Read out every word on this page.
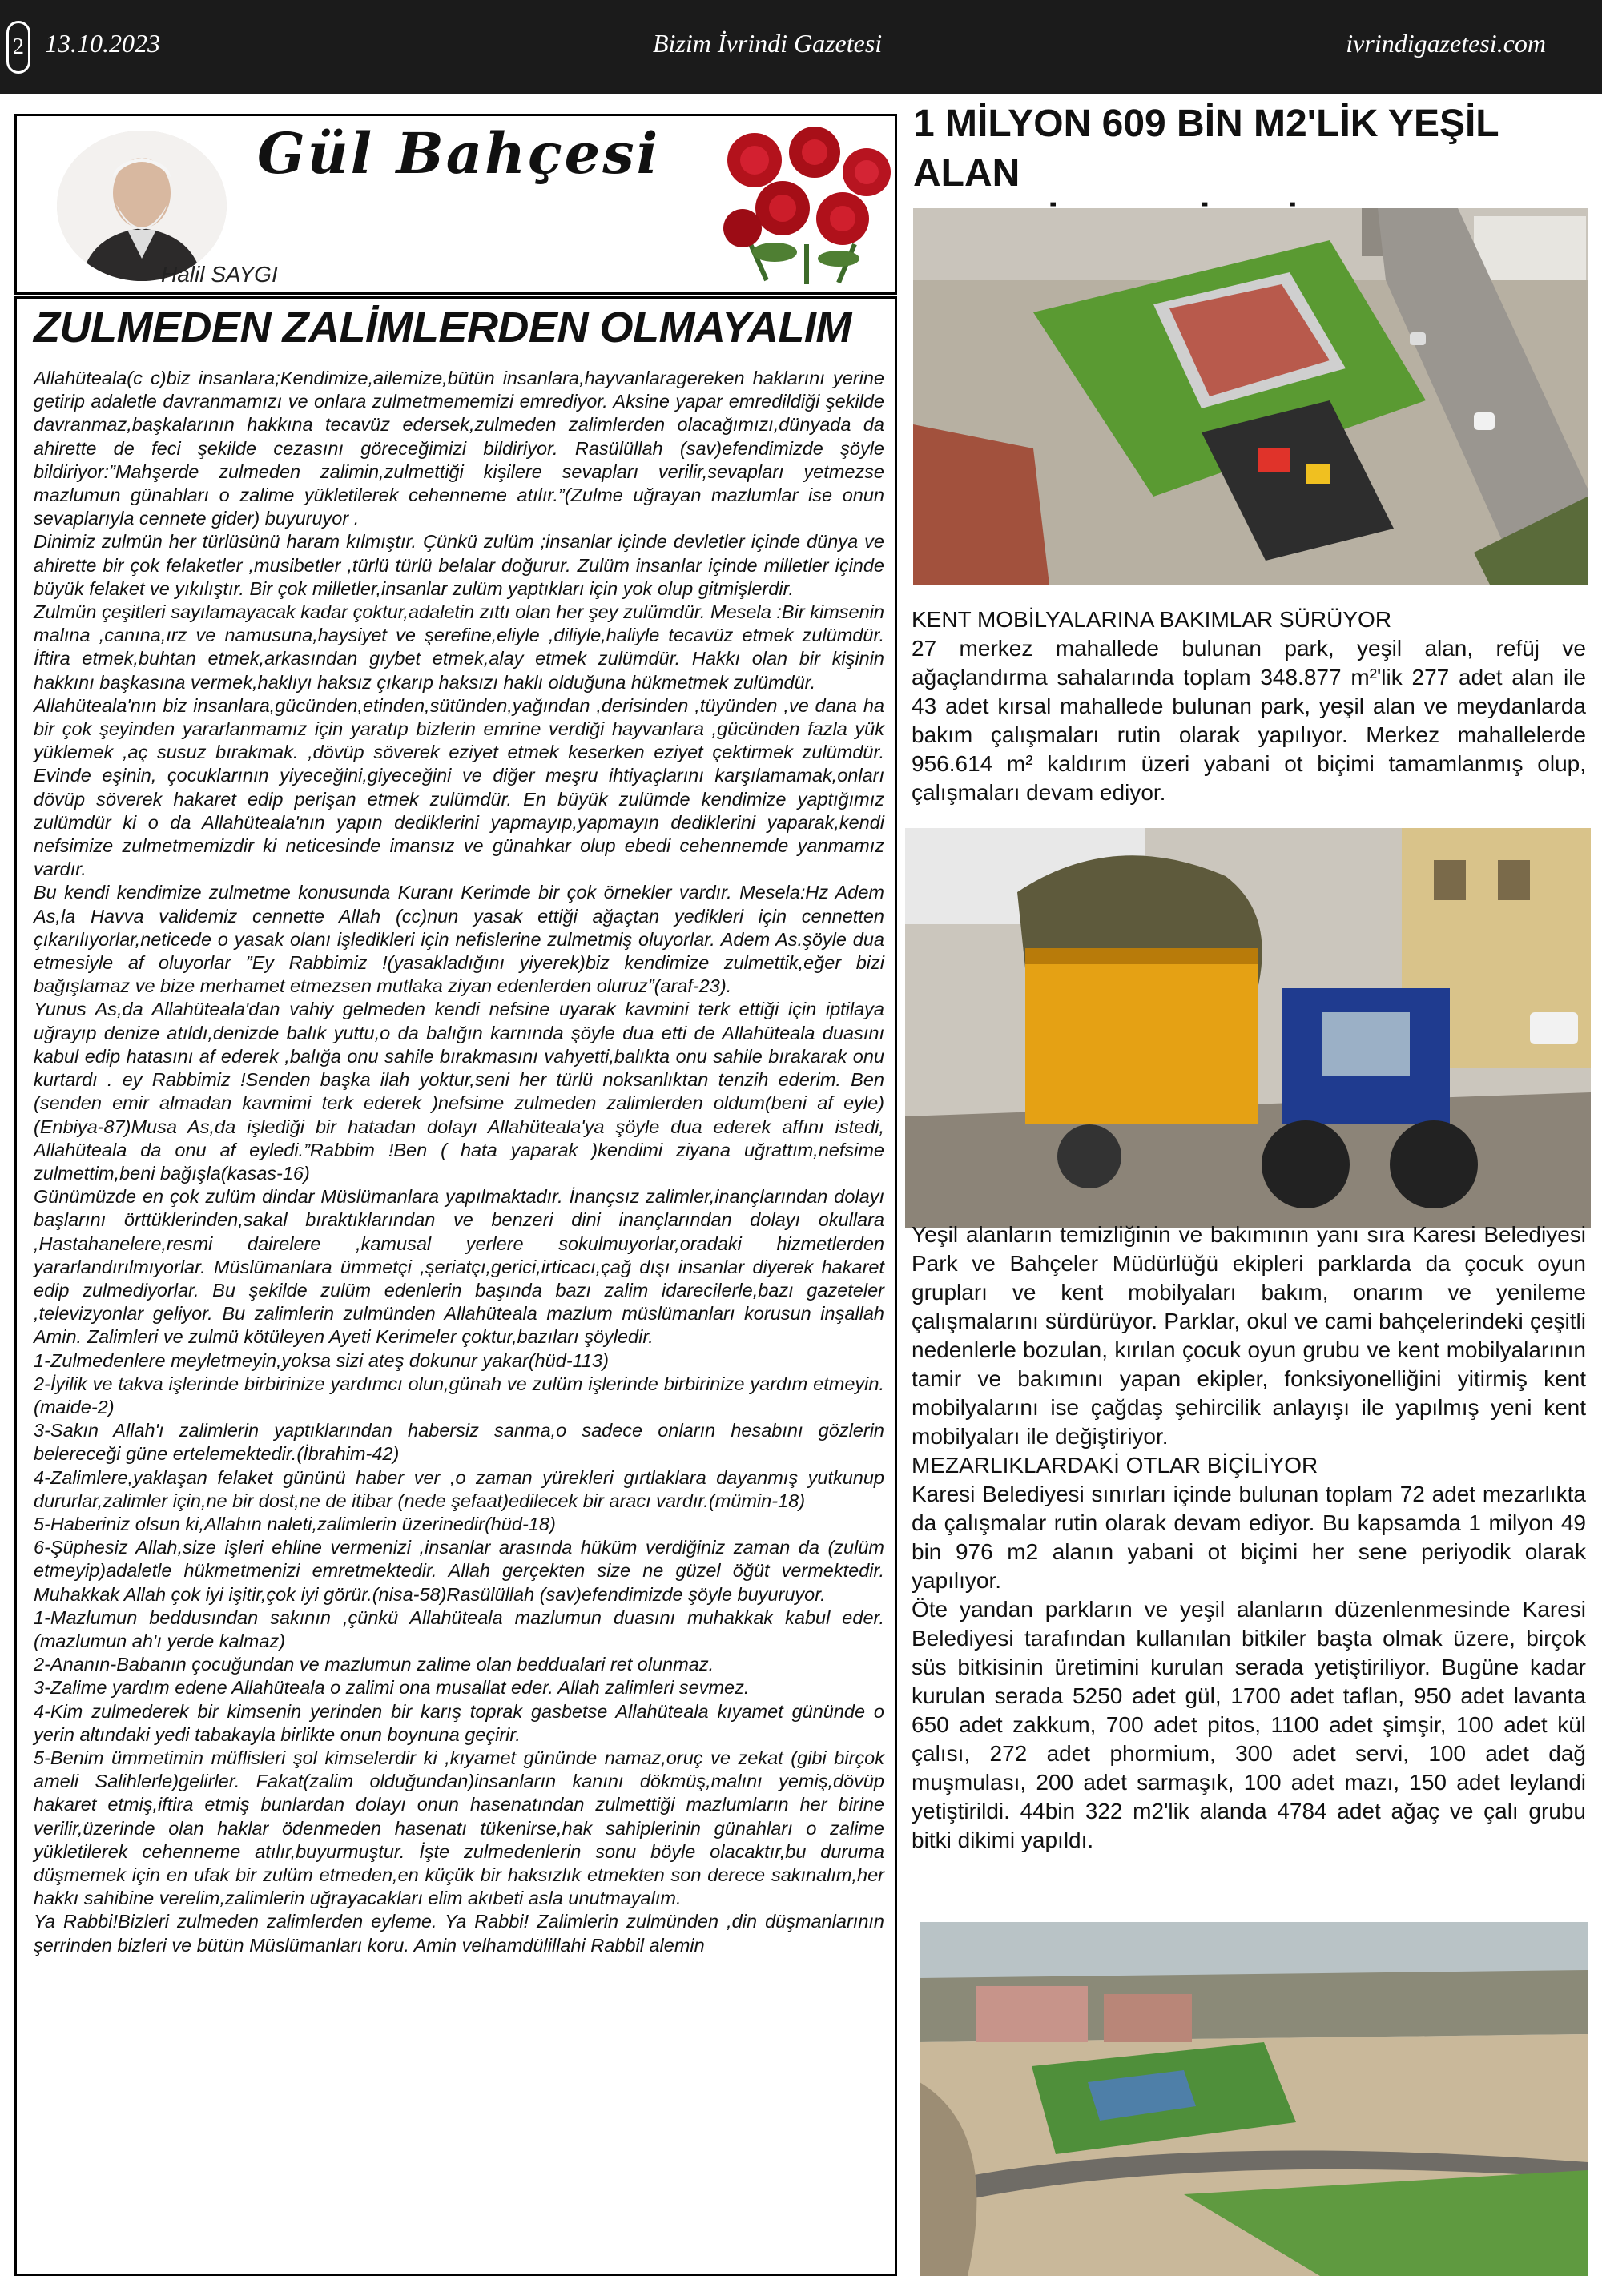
2 13.10.2023	Bizim İvrindi Gazetesi	ivrindigazetesi.com
Gül Bahçesi
Halil SAYGI
ZULMEDEN ZALİMLERDEN OLMAYALIM

Allahüteala(c c)biz insanlara;Kendimize,ailemize,bütün insanlara,hayvanlaragereken haklarını yerine getirip adaletle davranmamızı ve onlara zulmetmememizi emrediyor. Aksine yapar emredildiği şekilde davranmaz,başkalarının hakkına tecavüz edersek,zulmeden zalimlerden olacağımızı,dünyada da ahirette de feci şekilde cezasını göreceğimizi bildiriyor. Rasülüllah (sav)efendimizde şöyle bildiriyor:”Mahşerde zulmeden zalimin,zulmettiği kişilere sevapları verilir,sevapları yetmezse mazlumun günahları o zalime yükletilerek cehenneme atılır.”(Zulme uğrayan mazlumlar ise onun sevaplarıyla cennete gider) buyuruyor .

Dinimiz zulmün her türlüsünü haram kılmıştır. Çünkü zulüm ;insanlar içinde devletler içinde dünya ve ahirette bir çok felaketler ,musibetler ,türlü türlü belalar doğurur. Zulüm insanlar içinde milletler içinde büyük felaket ve yıkılıştır. Bir çok milletler,insanlar zulüm yaptıkları için yok olup gitmişlerdir.

Zulmün çeşitleri sayılamayacak kadar çoktur,adaletin zıttı olan her şey zulümdür. Mesela :Bir kimsenin malına ,canına,ırz ve namusuna,haysiyet ve şerefine,eliyle ,diliyle,haliyle tecavüz etmek zulümdür. İftira etmek,buhtan etmek,arkasından gıybet etmek,alay etmek zulümdür. Hakkı olan bir kişinin hakkını başkasına vermek,haklıyı haksız çıkarıp haksızı haklı olduğuna hükmetmek zulümdür.

Allahüteala'nın biz insanlara,gücünden,etinden,sütünden,yağından ,derisinden ,tüyünden ,ve dana ha bir çok şeyinden yararlanmamız için yaratıp bizlerin emrine verdiği hayvanlara ,gücünden fazla yük yüklemek ,aç susuz bırakmak. ,dövüp söverek eziyet etmek keserken eziyet çektirmek zulümdür. Evinde eşinin, çocuklarının yiyeceğini,giyeceğini ve diğer meşru ihtiyaçlarını karşılamamak,onları dövüp söverek hakaret edip perişan etmek zulümdür. En büyük zulümde kendimize yaptığımız zulümdür ki o da Allahüteala'nın yapın dediklerini yapmayıp,yapmayın dediklerini yaparak,kendi nefsimize zulmetmemizdir ki neticesinde imansız ve günahkar olup ebedi cehennemde yanmamız vardır.

Bu kendi kendimize zulmetme konusunda Kuranı Kerimde bir çok örnekler vardır. Mesela:Hz Adem As,la Havva validemiz cennette Allah (cc)nun yasak ettiği ağaçtan yedikleri için cennetten çıkarılıyorlar,neticede o yasak olanı işledikleri için nefislerine zulmetmiş oluyorlar. Adem As.şöyle dua etmesiyle af oluyorlar ”Ey Rabbimiz !(yasakladığını yiyerek)biz kendimize zulmettik,eğer bizi bağışlamaz ve bize merhamet etmezsen mutlaka ziyan edenlerden oluruz”(araf-23).

Yunus As,da Allahüteala'dan vahiy gelmeden kendi nefsine uyarak kavmini terk ettiği için iptilaya uğrayıp denize atıldı,denizde balık yuttu,o da balığın karnında şöyle dua etti de Allahüteala duasını kabul edip hatasını af ederek ,balığa onu sahile bırakmasını vahyetti,balıkta onu sahile bırakarak onu kurtardı . ey Rabbimiz !Senden başka ilah yoktur,seni her türlü noksanlıktan tenzih ederim. Ben (senden emir almadan kavmimi terk ederek )nefsime zulmeden zalimlerden oldum(beni af eyle)(Enbiya-87)Musa As,da işlediği bir hatadan dolayı Allahüteala'ya şöyle dua ederek affını istedi, Allahüteala da onu af eyledi.”Rabbim !Ben ( hata yaparak )kendimi ziyana uğrattım,nefsime zulmettim,beni bağışla(kasas-16)

Günümüzde en çok zulüm dindar Müslümanlara yapılmaktadır. İnançsız zalimler,inançlarından dolayı başlarını örttüklerinden,sakal bıraktıklarından ve benzeri dini inançlarından dolayı okullara ,Hastahanelere,resmi dairelere ,kamusal yerlere sokulmuyorlar,oradaki hizmetlerden yararlandırılmıyorlar. Müslümanlara ümmetçi ,şeriatçı,gerici,irticacı,çağ dışı insanlar diyerek hakaret edip zulmediyorlar. Bu şekilde zulüm edenlerin başında bazı zalim idarecilerle,bazı gazeteler ,televizyonlar geliyor. Bu zalimlerin zulmünden Allahüteala mazlum müslümanları korusun inşallah Amin. Zalimleri ve zulmü kötüleyen Ayeti Kerimeler çoktur,bazıları şöyledir.

1-Zulmedenlere meyletmeyin,yoksa sizi ateş dokunur yakar(hüd-113)

2-İyilik ve takva işlerinde birbirinize yardımcı olun,günah ve zulüm işlerinde birbirinize yardım etmeyin.(maide-2)

3-Sakın Allah'ı zalimlerin yaptıklarından habersiz sanma,o sadece onların hesabını gözlerin belereceği güne ertelemektedir.(İbrahim-42)

4-Zalimlere,yaklaşan felaket gününü haber ver ,o zaman yürekleri gırtlaklara dayanmış yutkunup dururlar,zalimler için,ne bir dost,ne de itibar (nede şefaat)edilecek bir aracı vardır.(mümin-18)

5-Haberiniz olsun ki,Allahın naleti,zalimlerin üzerinedir(hüd-18)

6-Şüphesiz Allah,size işleri ehline vermenizi ,insanlar arasında hüküm verdiğiniz zaman da (zulüm etmeyip)adaletle hükmetmenizi emretmektedir. Allah gerçekten size ne güzel öğüt vermektedir. Muhakkak Allah çok iyi işitir,çok iyi görür.(nisa-58)Rasülüllah (sav)efendimizde şöyle buyuruyor.

1-Mazlumun beddusından sakının ,çünkü Allahüteala mazlumun duasını muhakkak kabul eder.(mazlumun ah'ı yerde kalmaz)

2-Ananın-Babanın çocuğundan ve mazlumun zalime olan beddualari ret olunmaz.

3-Zalime yardım edene Allahüteala o zalimi ona musallat eder. Allah zalimleri sevmez.

4-Kim zulmederek bir kimsenin yerinden bir karış toprak gasbetse Allahüteala kıyamet gününde o yerin altındaki yedi tabakayla birlikte onun boynuna geçirir.

5-Benim ümmetimin müflisleri şol kimselerdir ki ,kıyamet gününde namaz,oruç ve zekat (gibi birçok ameli Salihlerle)gelirler. Fakat(zalim olduğundan)insanların kanını dökmüş,malını yemiş,dövüp hakaret etmiş,iftira etmiş bunlardan dolayı onun hasenatından zulmettiği mazlumların her birine verilir,üzerinde olan haklar ödenmeden hasenatı tükenirse,hak sahiplerinin günahları o zalime yükletilerek cehenneme atılır,buyurmuştur. İşte zulmedenlerin sonu böyle olacaktır,bu duruma düşmemek için en ufak bir zulüm etmeden,en küçük bir haksızlık etmekten son derece sakınalım,her hakkı sahibine verelim,zalimlerin uğrayacakları elim akıbeti asla unutmayalım.

Ya Rabbi!Bizleri zulmeden zalimlerden eyleme. Ya Rabbi! Zalimlerin zulmünden ,din düşmanlarının şerrinden bizleri ve bütün Müslümanları koru. Amin velhamdülillahi Rabbil alemin

1 MİLYON 609 BİN M2'LİK YEŞİL ALAN

KENT MOBİLYALARINA BAKIMLAR SÜRÜYOR

27 merkez mahallede bulunan park, yeşil alan, refüj ve ağaçlandırma sahalarında toplam 348.877 m²'lik 277 adet alan ile 43 adet kırsal mahallede bulunan park, yeşil alan ve meydanlarda bakım çalışmaları rutin olarak yapılıyor. Merkez mahallelerde 956.614 m² kaldırım üzeri yabani ot biçimi tamamlanmış olup, çalışmaları devam ediyor.

Yeşil alanların temizliğinin ve bakımının yanı sıra Karesi Belediyesi Park ve Bahçeler Müdürlüğü ekipleri parklarda da çocuk oyun grupları ve kent mobilyaları bakım, onarım ve yenileme çalışmalarını sürdürüyor. Parklar, okul ve cami bahçelerindeki çeşitli nedenlerle bozulan, kırılan çocuk oyun grubu ve kent mobilyalarının tamir ve bakımını yapan ekipler, fonksiyonelliğini yitirmiş kent mobilyalarını ise çağdaş şehircilik anlayışı ile yapılmış yeni kent mobilyaları ile değiştiriyor.

MEZARLIKLARDAKİ OTLAR BİÇİLİYOR

Karesi Belediyesi sınırları içinde bulunan toplam 72 adet mezarlıkta da çalışmalar rutin olarak devam ediyor. Bu kapsamda 1 milyon 49 bin 976 m2 alanın yabani ot biçimi her sene periyodik olarak yapılıyor.

Öte yandan parkların ve yeşil alanların düzenlenmesinde Karesi Belediyesi tarafından kullanılan bitkiler başta olmak üzere, birçok süs bitkisinin üretimini kurulan serada yetiştiriliyor. Bugüne kadar kurulan serada 5250 adet gül, 1700 adet taflan, 950 adet lavanta 650 adet zakkum, 700 adet pitos, 1100 adet şimşir, 100 adet kül çalısı, 272 adet phormium, 300 adet servi, 100 adet dağ muşmulası, 200 adet sarmaşık, 100 adet mazı, 150 adet leylandi yetiştirildi. 44bin 322 m2'lik alanda 4784 adet ağaç ve çalı grubu bitki dikimi yapıldı.
